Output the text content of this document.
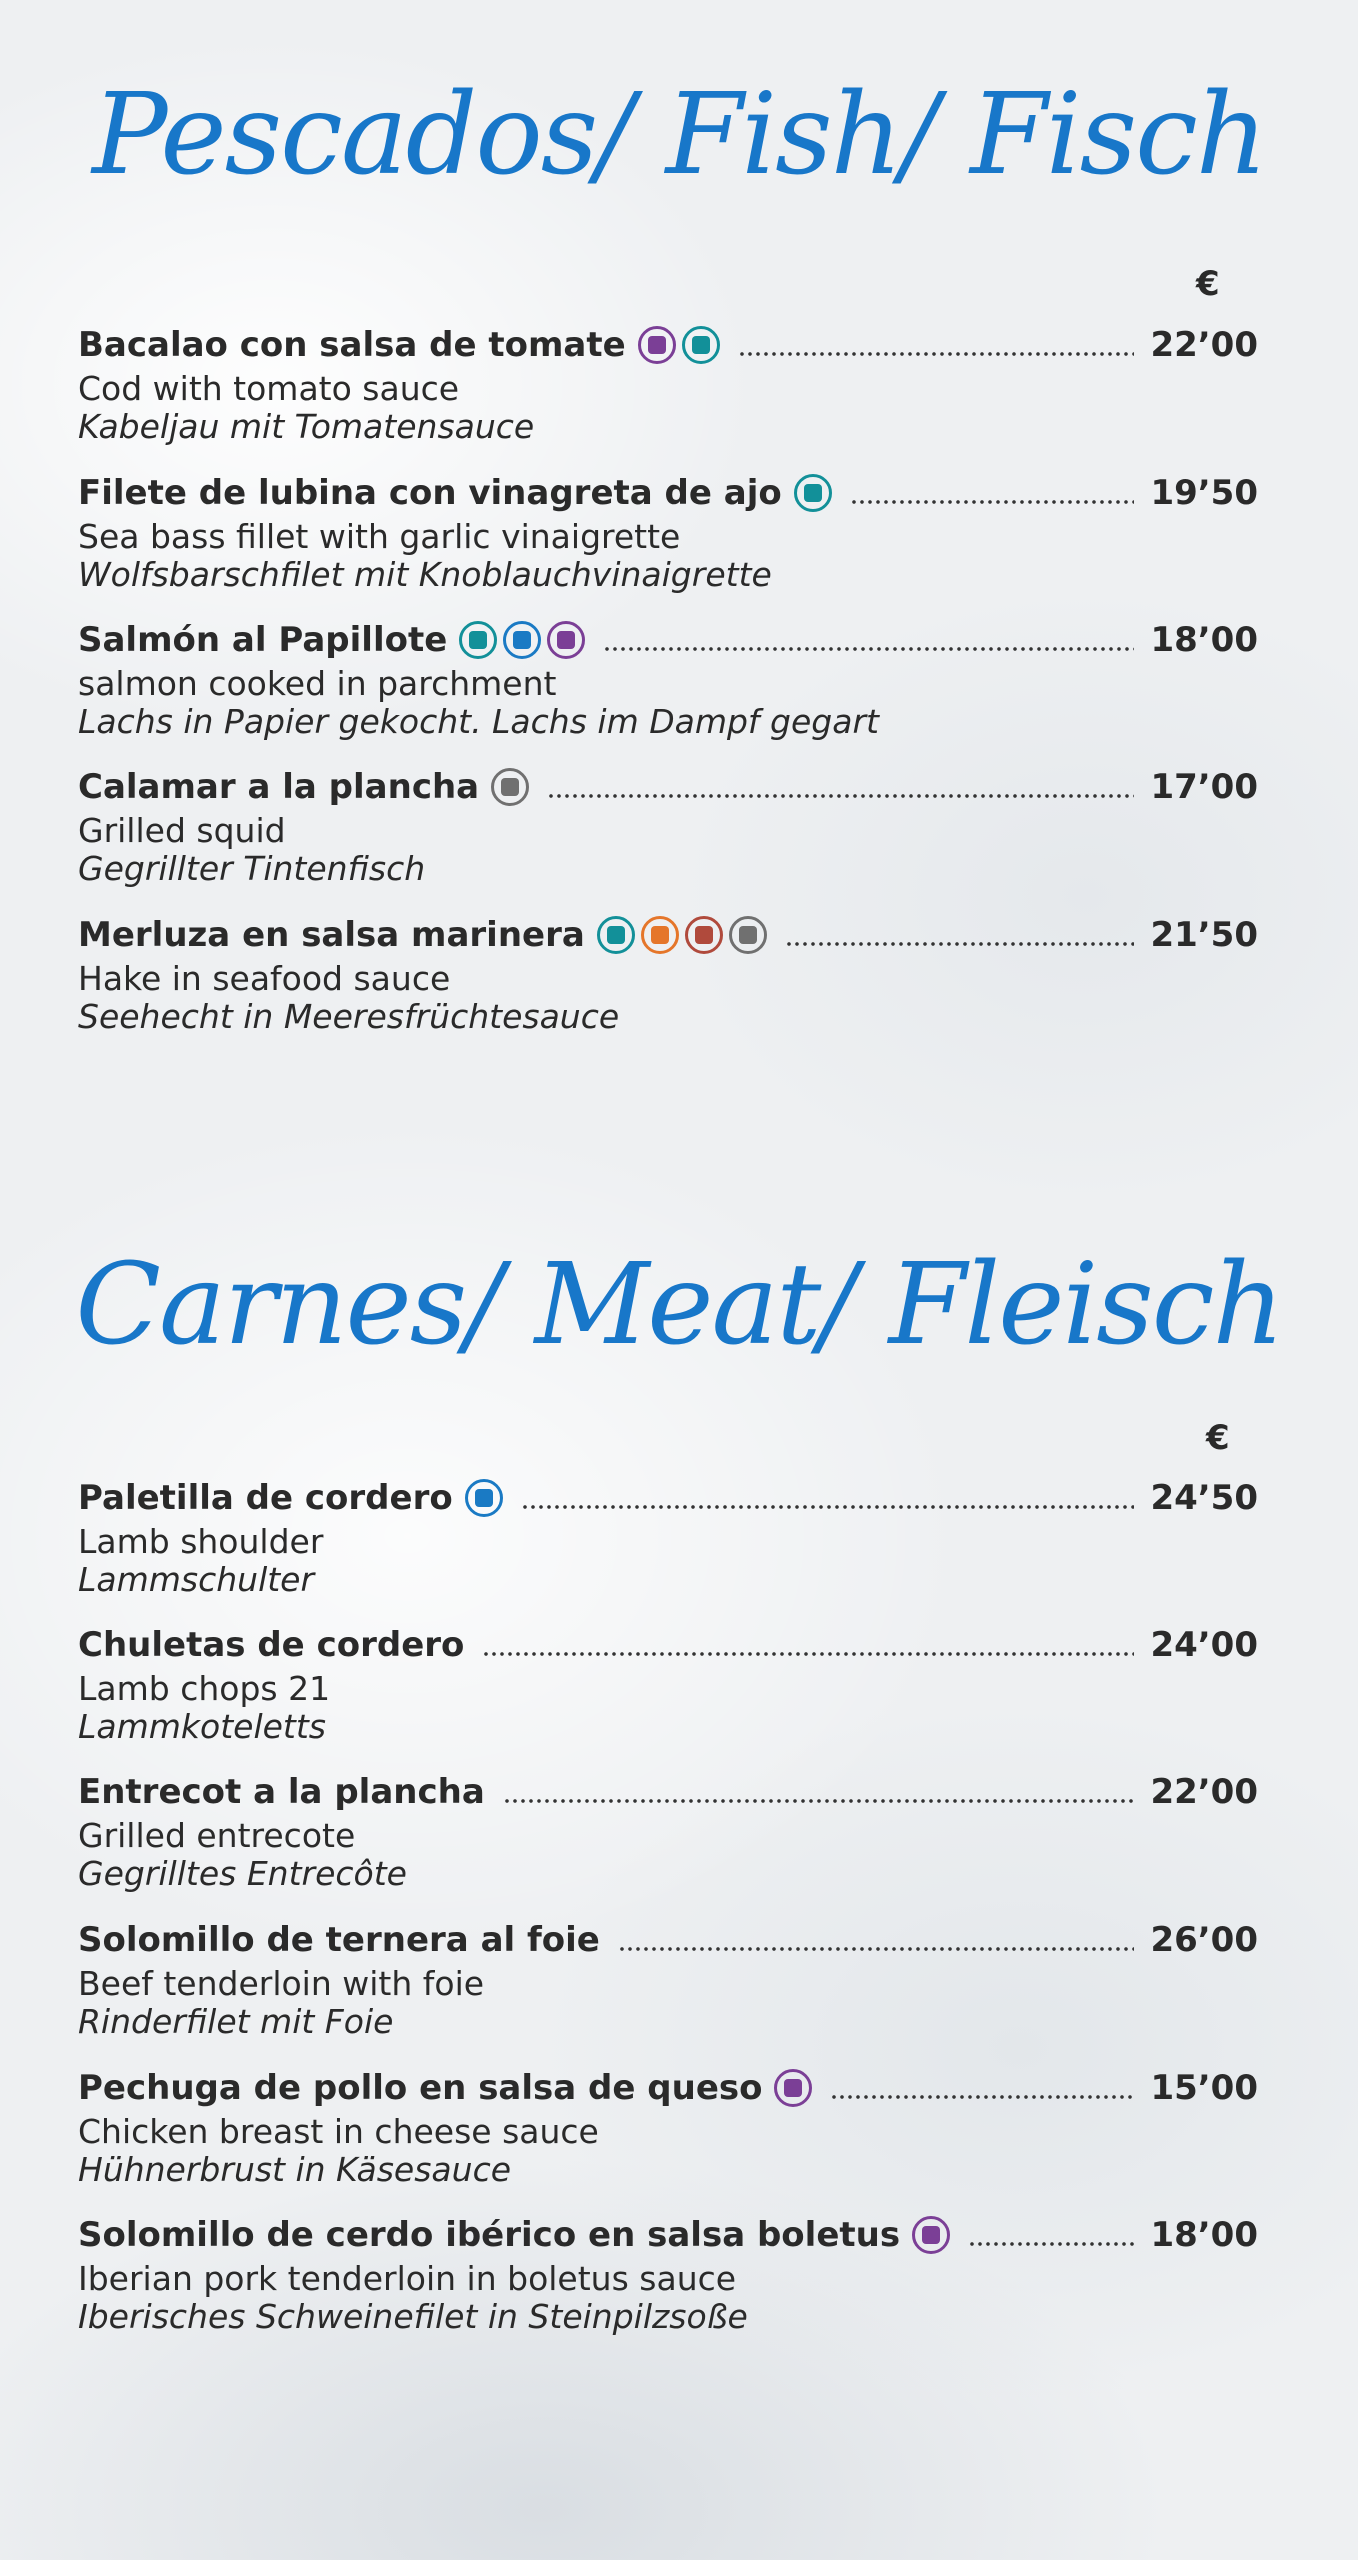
Pescados/ Fish/ Fisch
€
Bacalao con salsa de tomate	22’00
Cod with tomato sauce
Kabeljau mit Tomatensauce
Filete de lubina con vinagreta de ajo	19’50
Sea bass fillet with garlic vinaigrette
Wolfsbarschfilet mit Knoblauchvinaigrette
Salmón al Papillote	18’00
salmon cooked in parchment
Lachs in Papier gekocht. Lachs im Dampf gegart
Calamar a la plancha	17’00
Grilled squid
Gegrillter Tintenfisch
Merluza en salsa marinera	21’50
Hake in seafood sauce
Seehecht in Meeresfrüchtesauce
Carnes/ Meat/ Fleisch
€
Paletilla de cordero	24’50
Lamb shoulder
Lammschulter
Chuletas de cordero	24’00
Lamb chops 21
Lammkoteletts
Entrecot a la plancha	22’00
Grilled entrecote
Gegrilltes Entrecôte
Solomillo de ternera al foie	26’00
Beef tenderloin with foie
Rinderfilet mit Foie
Pechuga de pollo en salsa de queso	15’00
Chicken breast in cheese sauce
Hühnerbrust in Käsesauce
Solomillo de cerdo ibérico en salsa boletus	18’00
Iberian pork tenderloin in boletus sauce
Iberisches Schweinefilet in Steinpilzsoße
